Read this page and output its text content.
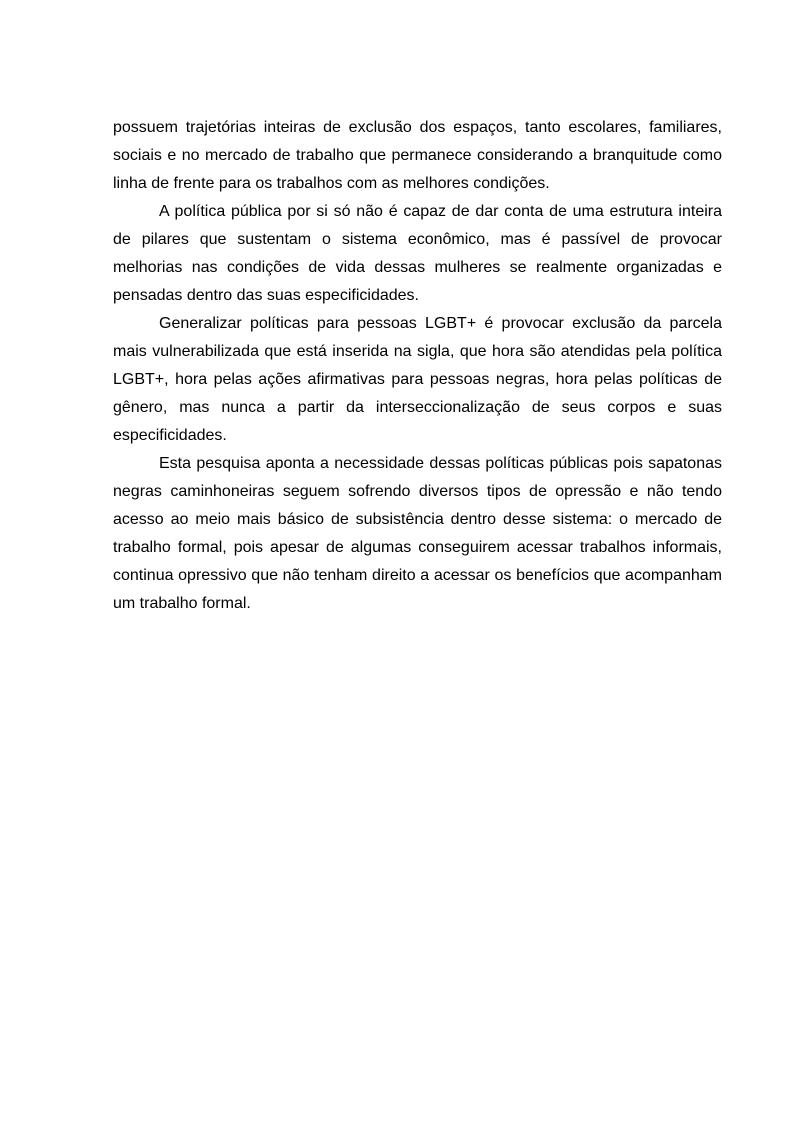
possuem trajetórias inteiras de exclusão dos espaços, tanto escolares, familiares, sociais e no mercado de trabalho que permanece considerando a branquitude como linha de frente para os trabalhos com as melhores condições.

A política pública por si só não é capaz de dar conta de uma estrutura inteira de pilares que sustentam o sistema econômico, mas é passível de provocar melhorias nas condições de vida dessas mulheres se realmente organizadas e pensadas dentro das suas especificidades.

Generalizar políticas para pessoas LGBT+ é provocar exclusão da parcela mais vulnerabilizada que está inserida na sigla, que hora são atendidas pela política LGBT+, hora pelas ações afirmativas para pessoas negras, hora pelas políticas de gênero, mas nunca a partir da interseccionalização de seus corpos e suas especificidades.

Esta pesquisa aponta a necessidade dessas políticas públicas pois sapatonas negras caminhoneiras seguem sofrendo diversos tipos de opressão e não tendo acesso ao meio mais básico de subsistência dentro desse sistema: o mercado de trabalho formal, pois apesar de algumas conseguirem acessar trabalhos informais, continua opressivo que não tenham direito a acessar os benefícios que acompanham um trabalho formal.
